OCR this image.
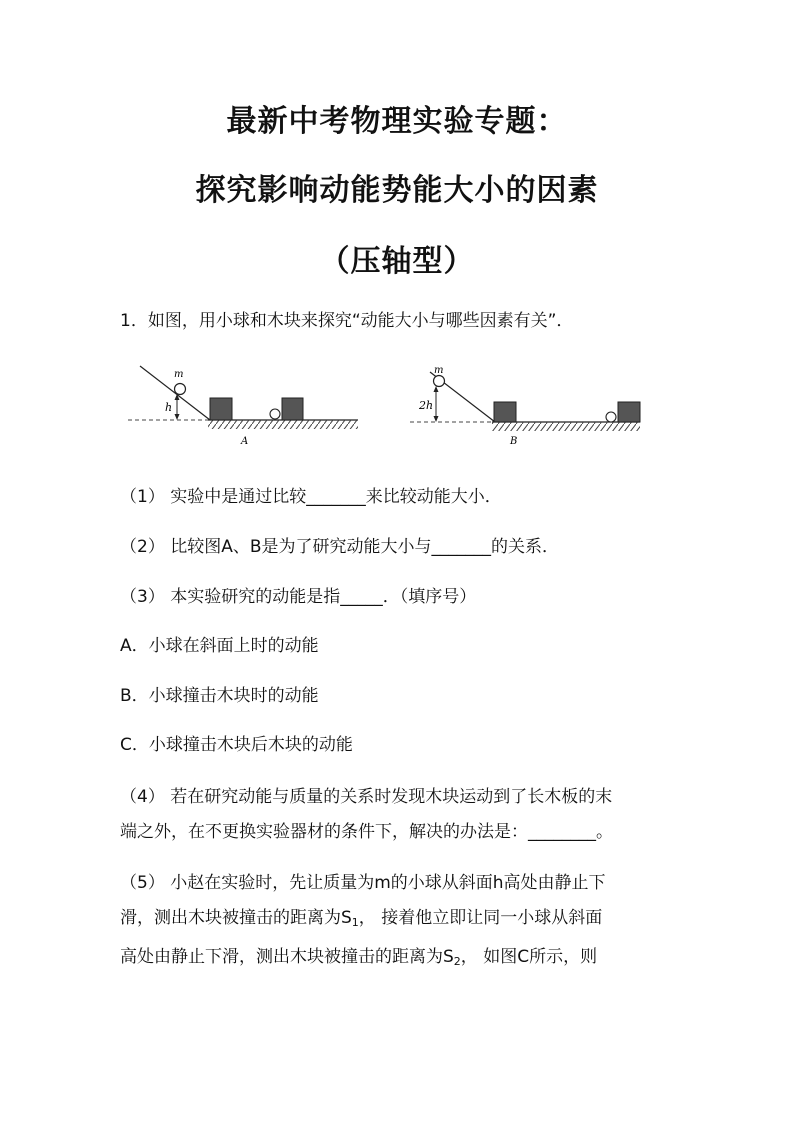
最新中考物理实验专题：
探究影响动能势能大小的因素
（压轴型）
1．如图，用小球和木块来探究“动能大小与哪些因素有关”．
m
h
A
m
2h
B
（1） 实验中是通过比较_______来比较动能大小．
（2） 比较图A、B是为了研究动能大小与_______的关系．
（3） 本实验研究的动能是指_____．（填序号）
A．小球在斜面上时的动能
B．小球撞击木块时的动能
C．小球撞击木块后木块的动能
（4） 若在研究动能与质量的关系时发现木块运动到了长木板的末
端之外，在不更换实验器材的条件下，解决的办法是：________。
（5） 小赵在实验时，先让质量为m的小球从斜面h高处由静止下
滑，测出木块被撞击的距离为$S_1$， 接着他立即让同一小球从斜面
高处由静止下滑，测出木块被撞击的距离为$S_2$， 如图C所示，则
